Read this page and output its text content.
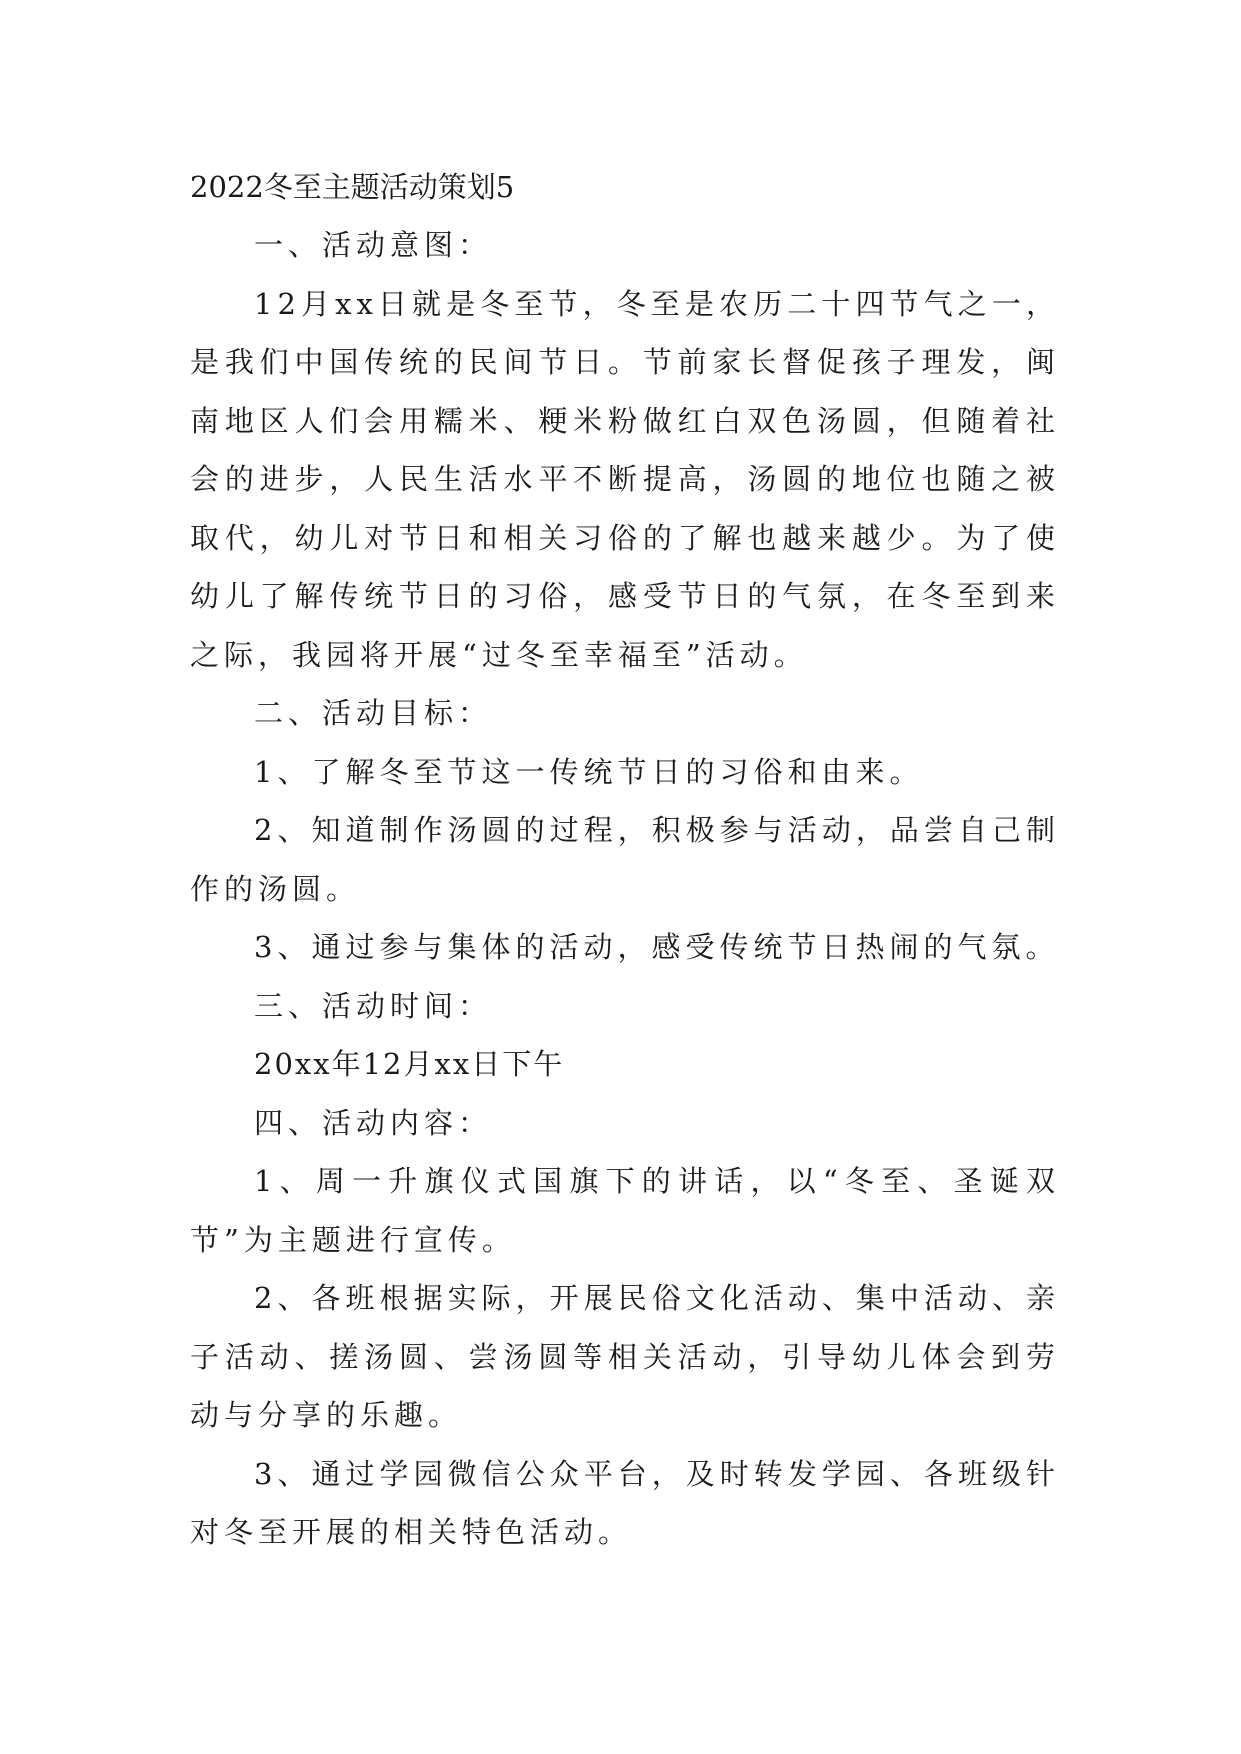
2022冬至主题活动策划5

一、活动意图：

12月xx日就是冬至节，冬至是农历二十四节气之一，是我们中国传统的民间节日。节前家长督促孩子理发，闽南地区人们会用糯米、粳米粉做红白双色汤圆，但随着社会的进步，人民生活水平不断提高，汤圆的地位也随之被取代，幼儿对节日和相关习俗的了解也越来越少。为了使幼儿了解传统节日的习俗，感受节日的气氛，在冬至到来之际，我园将开展“过冬至幸福至”活动。

二、活动目标：

1、了解冬至节这一传统节日的习俗和由来。

2、知道制作汤圆的过程，积极参与活动，品尝自己制作的汤圆。

3、通过参与集体的活动，感受传统节日热闹的气氛。

三、活动时间：

20xx年12月xx日下午

四、活动内容：

1、周一升旗仪式国旗下的讲话，以“冬至、圣诞双节”为主题进行宣传。

2、各班根据实际，开展民俗文化活动、集中活动、亲子活动、搓汤圆、尝汤圆等相关活动，引导幼儿体会到劳动与分享的乐趣。

3、通过学园微信公众平台，及时转发学园、各班级针对冬至开展的相关特色活动。
